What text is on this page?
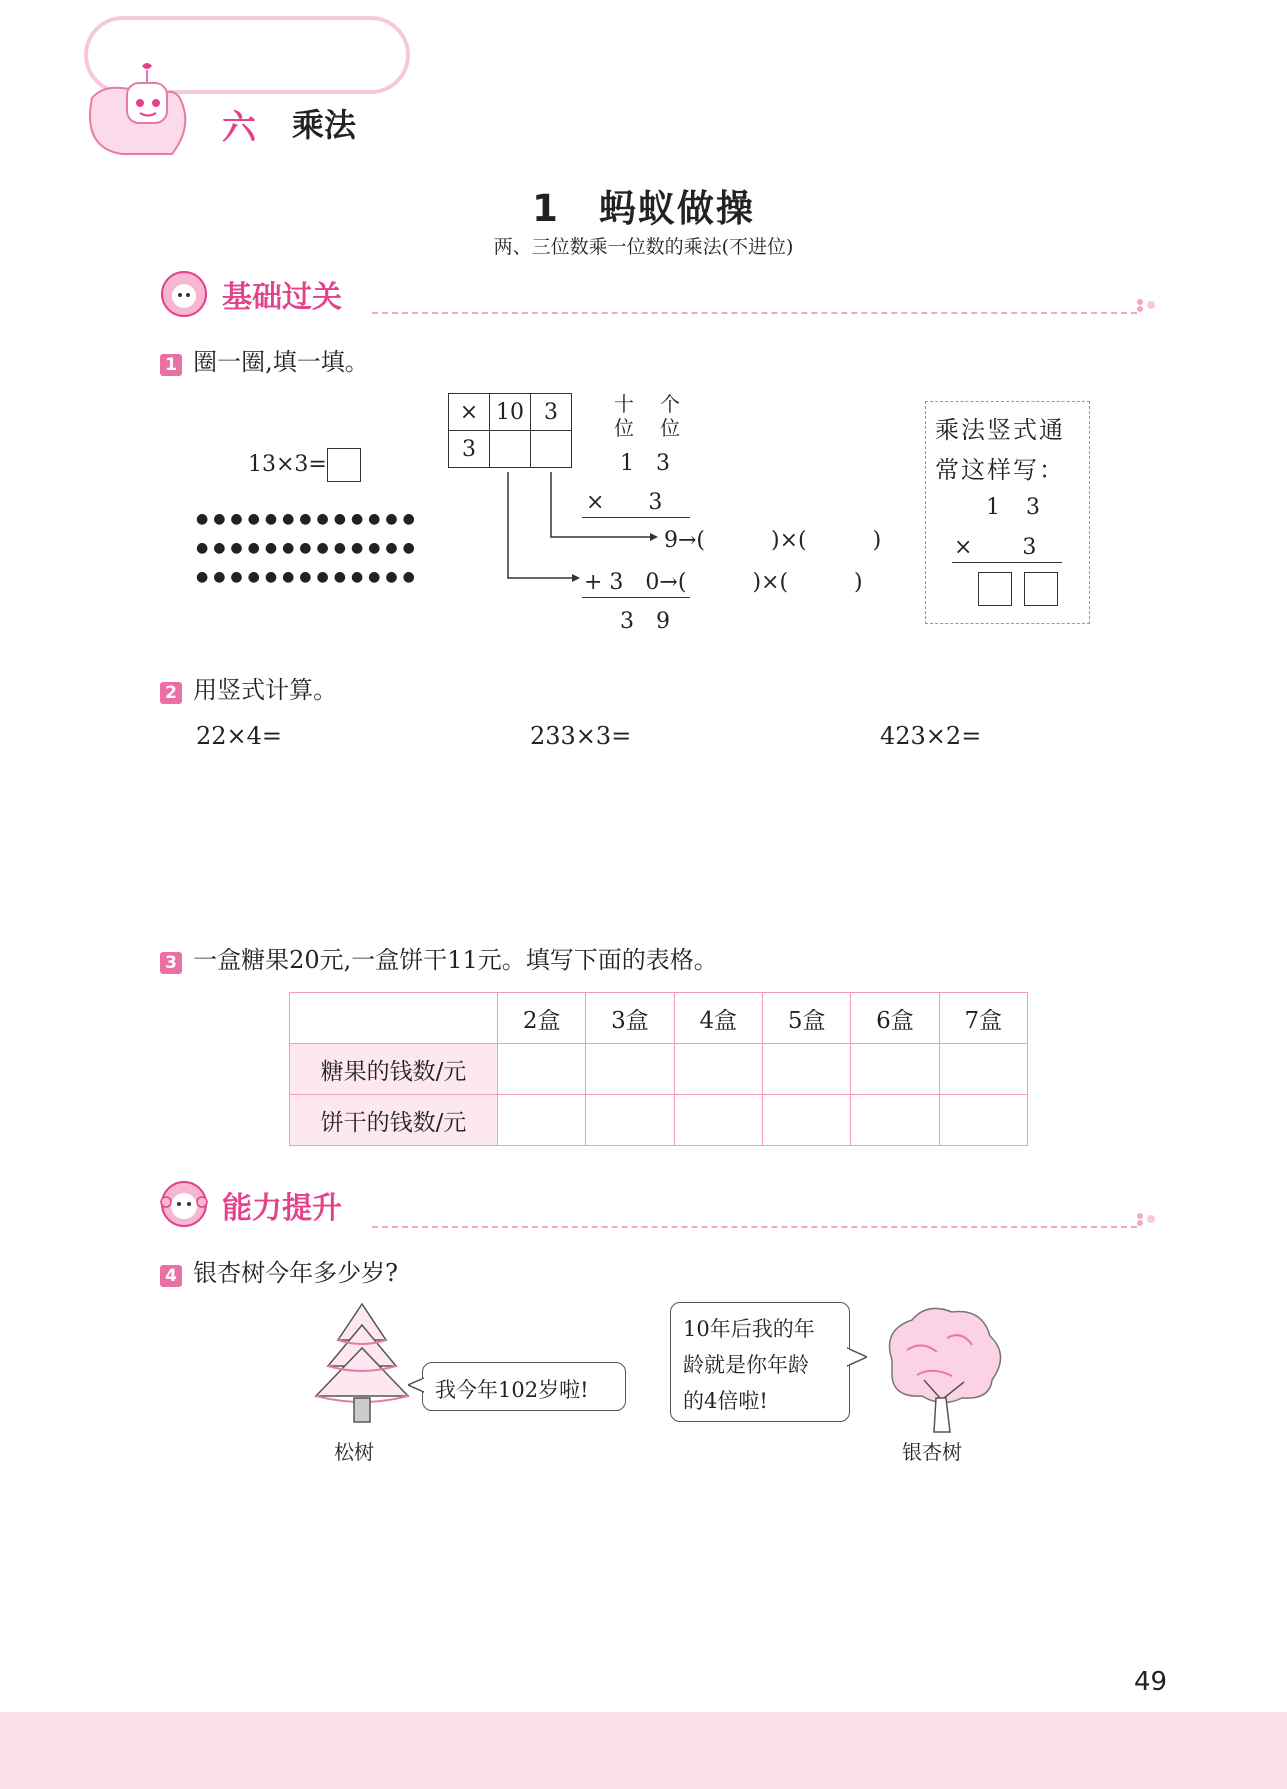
六 乘法
1　蚂蚁做操
两、三位数乘一位数的乘法(不进位)
基础过关
1 圈一圈,填一填。
13×3=
●●●●●●●●●●●●●
●●●●●●●●●●●●●
●●●●●●●●●●●●●
×	10	3
3		
十
位
个
位
1　3
×　　3
9→(　　　)×(　　　)
+ 3　0→(　　　)×(　　　)
3　9
乘法竖式通
常这样写：
1　3
×　　3
2 用竖式计算。
22×4=	233×3=	423×2=
3 一盒糖果20元,一盒饼干11元。填写下面的表格。
	2盒	3盒	4盒	5盒	6盒	7盒
糖果的钱数/元						
饼干的钱数/元						
能力提升
4 银杏树今年多少岁?
松树
我今年102岁啦!
10年后我的年
龄就是你年龄
的4倍啦!
银杏树
49
